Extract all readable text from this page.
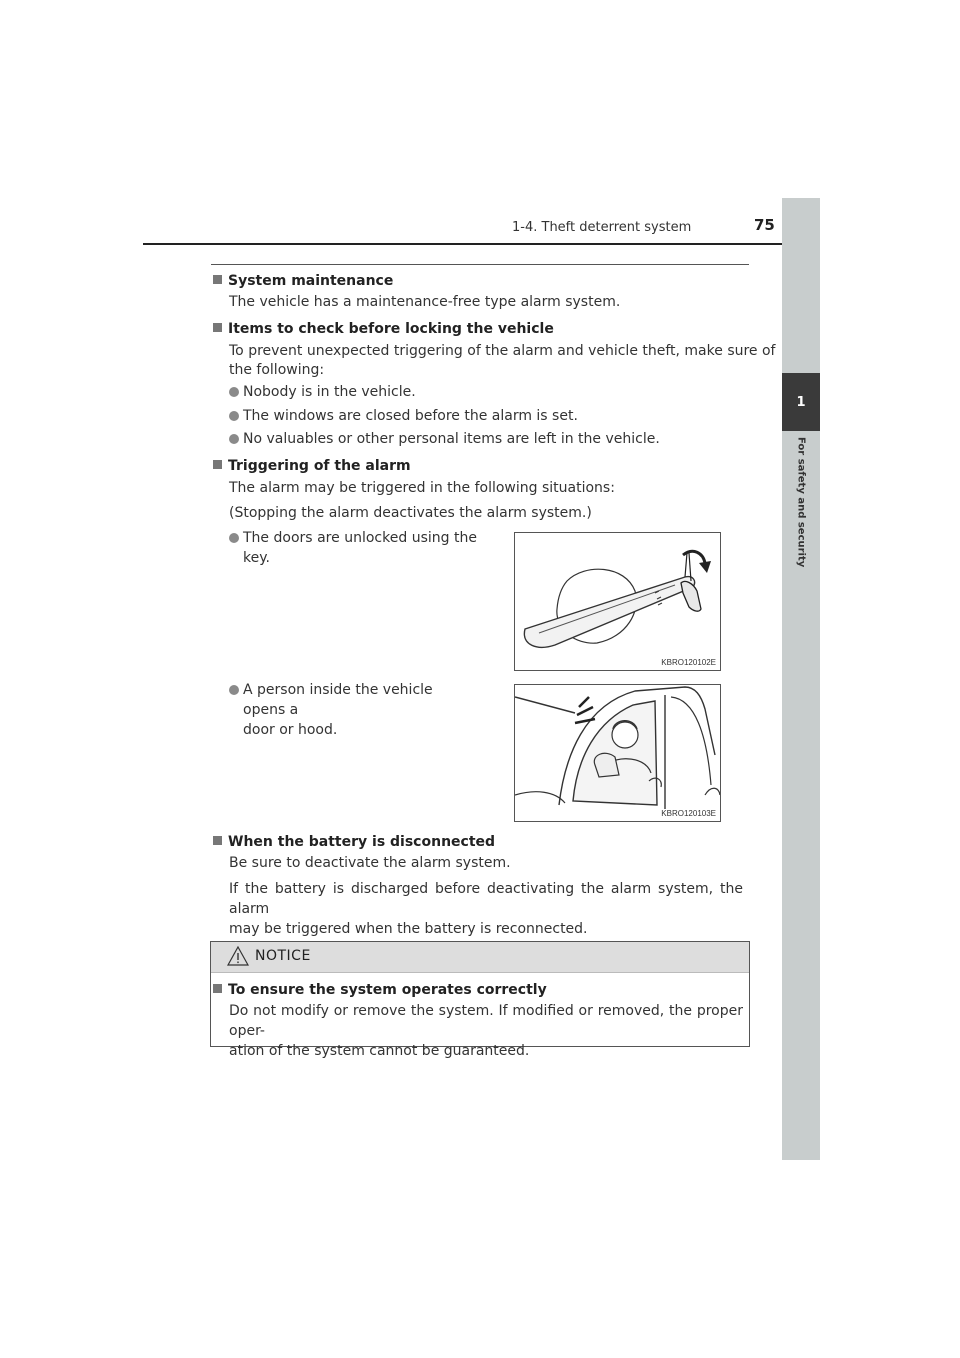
1-4. Theft deterrent system	75
1
For safety and security
System maintenance
The vehicle has a maintenance-free type alarm system.
Items to check before locking the vehicle
To prevent unexpected triggering of the alarm and vehicle theft, make sure of
the following:
Nobody is in the vehicle.
The windows are closed before the alarm is set.
No valuables or other personal items are left in the vehicle.
Triggering of the alarm
The alarm may be triggered in the following situations:
(Stopping the alarm deactivates the alarm system.)
The doors are unlocked using the
key.
A person inside the vehicle opens a
door or hood.
KBRO120102E
KBRO120103E
When the battery is disconnected
Be sure to deactivate the alarm system.
If the battery is discharged before deactivating the alarm system, the alarm
may be triggered when the battery is reconnected.
NOTICE
To ensure the system operates correctly
Do not modify or remove the system. If modified or removed, the proper oper-
ation of the system cannot be guaranteed.
